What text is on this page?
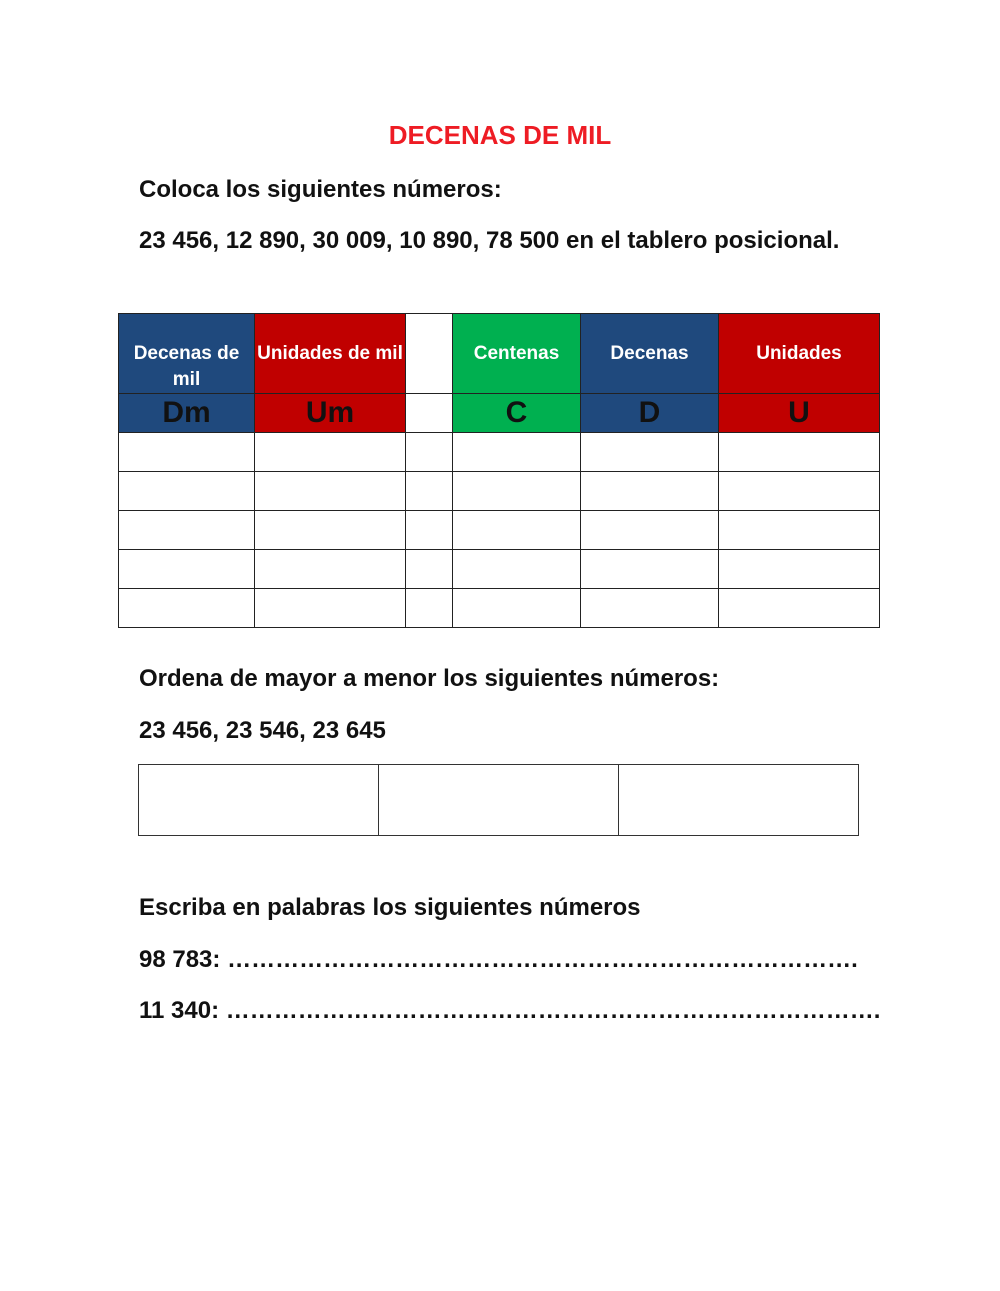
DECENAS DE MIL
Coloca los siguientes números:
23 456, 12 890, 30 009, 10 890, 78 500 en el tablero posicional.
Decenas de mil	Unidades de mil		Centenas	Decenas	Unidades
Dm	Um		C	D	U

Ordena de mayor a menor los siguientes números:
23 456, 23 546, 23 645

Escriba en palabras los siguientes números
98 783: …………………………………………………………………….
11 340: ……………………………………………………………………….
